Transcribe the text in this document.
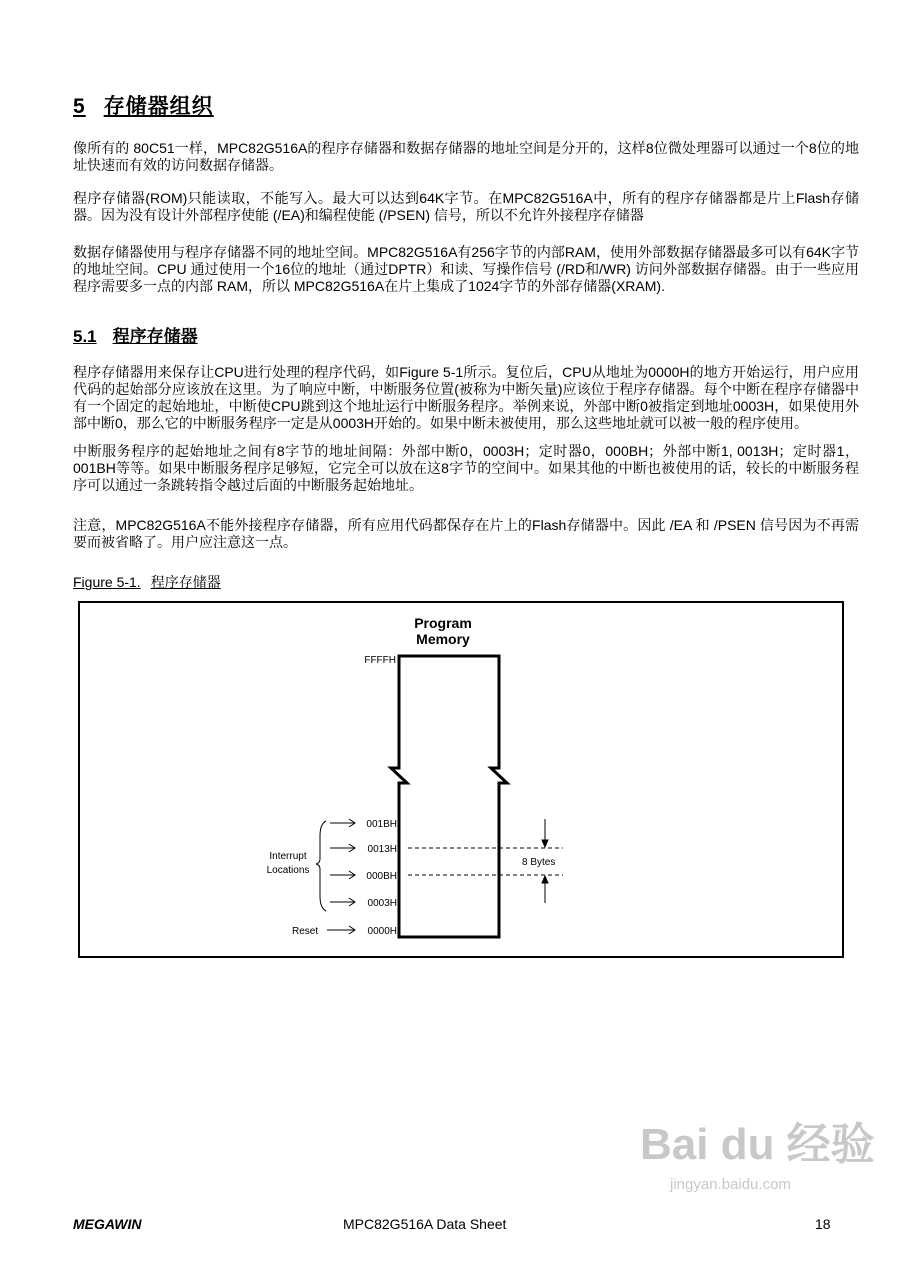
5 存储器组织

像所有的 80C51一样，MPC82G516A的程序存储器和数据存储器的地址空间是分开的，这样8位微处理器可以通过一个8位的地址快速而有效的访问数据存储器。

程序存储器(ROM)只能读取，不能写入。最大可以达到64K字节。在MPC82G516A中，所有的程序存储器都是片上Flash存储器。因为没有设计外部程序使能 (/EA)和编程使能 (/PSEN) 信号，所以不允许外接程序存储器

数据存储器使用与程序存储器不同的地址空间。MPC82G516A有256字节的内部RAM，使用外部数据存储器最多可以有64K字节的地址空间。CPU 通过使用一个16位的地址（通过DPTR）和读、写操作信号 (/RD和/WR) 访问外部数据存储器。由于一些应用程序需要多一点的内部 RAM，所以 MPC82G516A在片上集成了1024字节的外部存储器(XRAM).

5.1 程序存储器

程序存储器用来保存让CPU进行处理的程序代码，如Figure 5-1所示。复位后，CPU从地址为0000H的地方开始运行，用户应用代码的起始部分应该放在这里。为了响应中断，中断服务位置(被称为中断矢量)应该位于程序存储器。每个中断在程序存储器中有一个固定的起始地址，中断使CPU跳到这个地址运行中断服务程序。举例来说，外部中断0被指定到地址0003H，如果使用外部中断0，那么它的中断服务程序一定是从0003H开始的。如果中断未被使用，那么这些地址就可以被一般的程序使用。

中断服务程序的起始地址之间有8字节的地址间隔：外部中断0，0003H；定时器0，000BH；外部中断1, 0013H；定时器1，001BH等等。如果中断服务程序足够短，它完全可以放在这8字节的空间中。如果其他的中断也被使用的话，较长的中断服务程序可以通过一条跳转指令越过后面的中断服务起始地址。

注意，MPC82G516A不能外接程序存储器，所有应用代码都保存在片上的Flash存储器中。因此 /EA 和 /PSEN 信号因为不再需要而被省略了。用户应注意这一点。

Figure 5-1. 程序存储器
Program
Memory
FFFFH
001BH
0013H
000BH
0003H
0000H
Interrupt
Locations
Reset
8 Bytes
Bai du 经验
jingyan.baidu.com
MEGAWIN	MPC82G516A Data Sheet	18
